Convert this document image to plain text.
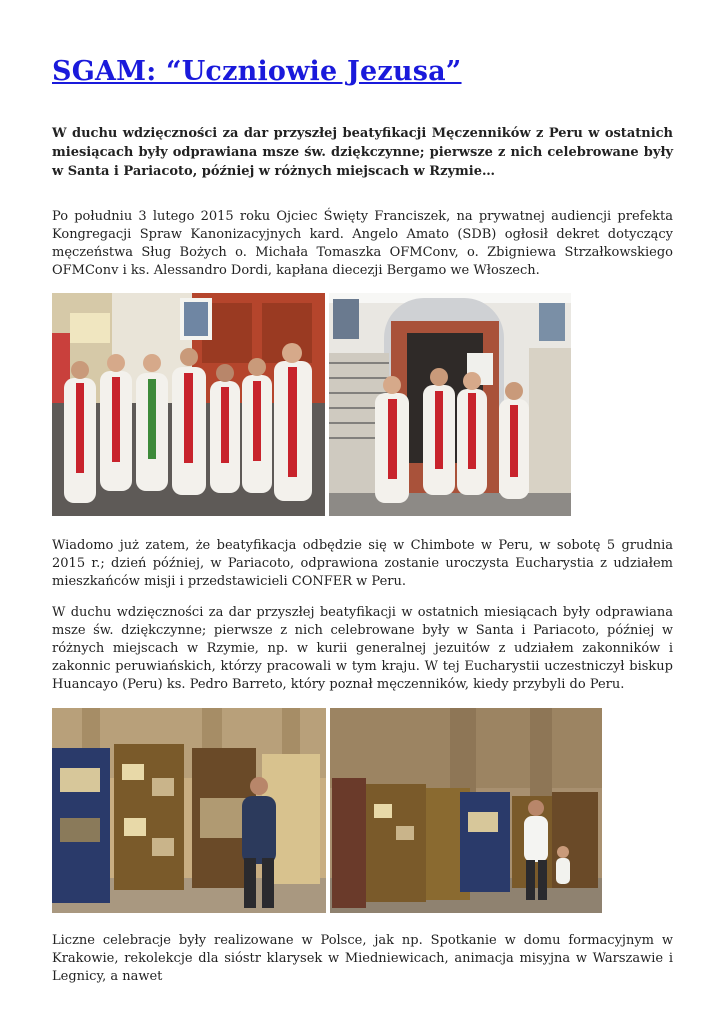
SGAM: “Uczniowie Jezusa”

W duchu wdzięczności za dar przyszłej beatyfikacji Męczenników z Peru w ostatnich miesiącach były odprawiana msze św. dziękczynne; pierwsze z nich celebrowane były w Santa i Pariacoto, później w różnych miejscach w Rzymie…

Po południu 3 lutego 2015 roku Ojciec Święty Franciszek, na prywatnej audiencji prefekta Kongregacji Spraw Kanonizacyjnych kard. Angelo Amato (SDB) ogłosił dekret dotyczący męczeństwa Sług Bożych o. Michała Tomaszka OFMConv, o. Zbigniewa Strzałkowskiego OFMConv i ks. Alessandro Dordi, kapłana diecezji Bergamo we Włoszech.

Wiadomo już zatem, że beatyfikacja odbędzie się w Chimbote w Peru, w sobotę 5 grudnia 2015 r.; dzień później, w Pariacoto, odprawiona zostanie uroczysta Eucharystia z udziałem mieszkańców misji i przedstawicieli CONFER w Peru.

W duchu wdzięczności za dar przyszłej beatyfikacji w ostatnich miesiącach były odprawiana msze św. dziękczynne; pierwsze z nich celebrowane były w Santa i Pariacoto, później w różnych miejscach w Rzymie, np. w kurii generalnej jezuitów z udziałem zakonników i zakonnic peruwiańskich, którzy pracowali w tym kraju. W tej Eucharystii uczestniczył biskup Huancayo (Peru) ks. Pedro Barreto, który poznał męczenników, kiedy przybyli do Peru.

Liczne celebracje były realizowane w Polsce, jak np. Spotkanie w domu formacyjnym w Krakowie, rekolekcje dla sióstr klarysek w Miedniewicach, animacja misyjna w Warszawie i Legnicy, a nawet
